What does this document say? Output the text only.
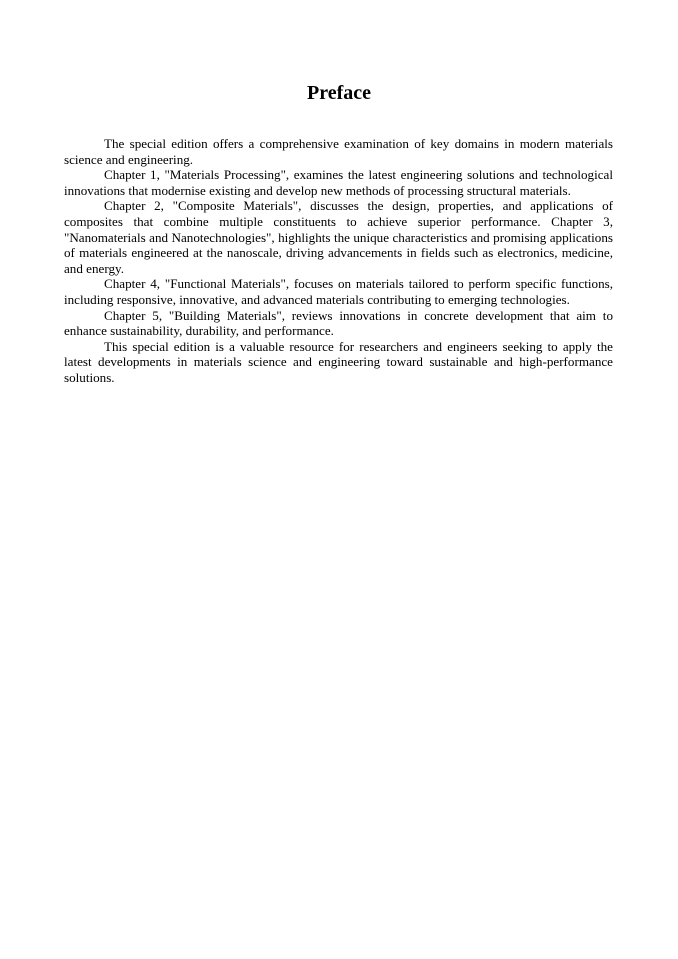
Preface

The special edition offers a comprehensive examination of key domains in modern materials science and engineering.

Chapter 1, "Materials Processing", examines the latest engineering solutions and technological innovations that modernise existing and develop new methods of processing structural materials.

Chapter 2, "Composite Materials", discusses the design, properties, and applications of composites that combine multiple constituents to achieve superior performance. Chapter 3, "Nanomaterials and Nanotechnologies", highlights the unique characteristics and promising applications of materials engineered at the nanoscale, driving advancements in fields such as electronics, medicine, and energy.

Chapter 4, "Functional Materials", focuses on materials tailored to perform specific functions, including responsive, innovative, and advanced materials contributing to emerging technologies.

Chapter 5, "Building Materials", reviews innovations in concrete development that aim to enhance sustainability, durability, and performance.

This special edition is a valuable resource for researchers and engineers seeking to apply the latest developments in materials science and engineering toward sustainable and high-performance solutions.
